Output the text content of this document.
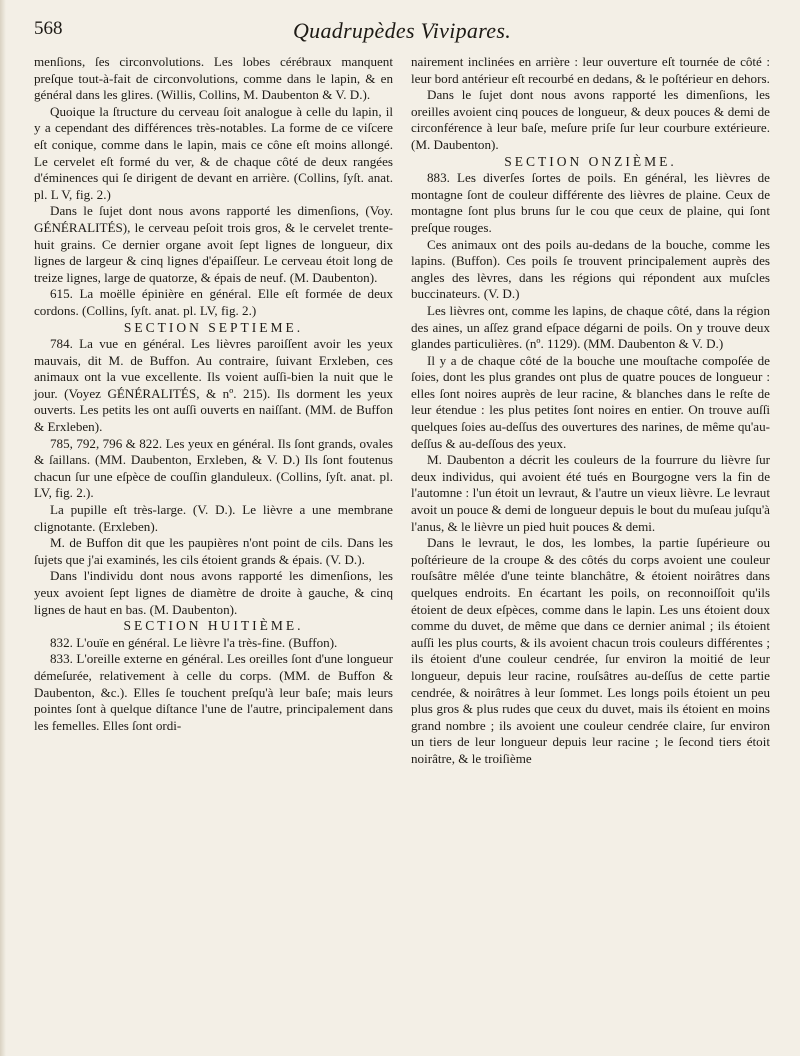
568	Quadrupèdes Vivipares.

menſions, ſes circonvolutions. Les lobes cérébraux manquent preſque tout-à-fait de circonvolutions, comme dans le lapin, & en général dans les glires. (Willis, Collins, M. Daubenton & V. D.).

Quoique la ſtructure du cerveau ſoit analogue à celle du lapin, il y a cependant des différences très-notables. La forme de ce viſcere eſt conique, comme dans le lapin, mais ce cône eſt moins allongé. Le cervelet eſt formé du ver, & de chaque côté de deux rangées d'éminences qui ſe dirigent de devant en arrière. (Collins, ſyſt. anat. pl. L V, fig. 2.)

Dans le ſujet dont nous avons rapporté les dimenſions, (Voy. GÉNÉRALITÉS), le cerveau peſoit trois gros, & le cervelet trente-huit grains. Ce dernier organe avoit ſept lignes de longueur, dix lignes de largeur & cinq lignes d'épaiſſeur. Le cerveau étoit long de treize lignes, large de quatorze, & épais de neuf. (M. Daubenton).

615. La moëlle épinière en général. Elle eſt formée de deux cordons. (Collins, ſyſt. anat. pl. LV, fig. 2.)

SECTION SEPTIEME.

784. La vue en général. Les lièvres paroiſſent avoir les yeux mauvais, dit M. de Buffon. Au contraire, ſuivant Erxleben, ces animaux ont la vue excellente. Ils voient auſſi-bien la nuit que le jour. (Voyez GÉNÉRALITÉS, & nº. 215). Ils dorment les yeux ouverts. Les petits les ont auſſi ouverts en naiſſant. (MM. de Buffon & Erxleben).

785, 792, 796 & 822. Les yeux en général. Ils ſont grands, ovales & ſaillans. (MM. Daubenton, Erxleben, & V. D.) Ils ſont foutenus chacun ſur une eſpèce de couſſin glanduleux. (Collins, ſyſt. anat. pl. LV, fig. 2.).

La pupille eſt très-large. (V. D.). Le lièvre a une membrane clignotante. (Erxleben).

M. de Buffon dit que les paupières n'ont point de cils. Dans les ſujets que j'ai examinés, les cils étoient grands & épais. (V. D.).

Dans l'individu dont nous avons rapporté les dimenſions, les yeux avoient ſept lignes de diamètre de droite à gauche, & cinq lignes de haut en bas. (M. Daubenton).

SECTION HUITIÈME.

832. L'ouïe en général. Le lièvre l'a très-fine. (Buffon).

833. L'oreille externe en général. Les oreilles ſont d'une longueur démeſurée, relativement à celle du corps. (MM. de Buffon & Daubenton, &c.). Elles ſe touchent preſqu'à leur baſe; mais leurs pointes ſont à quelque diſtance l'une de l'autre, principalement dans les femelles. Elles ſont ordi-

nairement inclinées en arrière : leur ouverture eſt tournée de côté : leur bord antérieur eſt recourbé en dedans, & le poſtérieur en dehors.

Dans le ſujet dont nous avons rapporté les dimenſions, les oreilles avoient cinq pouces de longueur, & deux pouces & demi de circonférence à leur baſe, meſure priſe ſur leur courbure extérieure. (M. Daubenton).

SECTION ONZIÈME.

883. Les diverſes ſortes de poils. En général, les lièvres de montagne ſont de couleur différente des lièvres de plaine. Ceux de montagne ſont plus bruns ſur le cou que ceux de plaine, qui ſont preſque rouges.

Ces animaux ont des poils au-dedans de la bouche, comme les lapins. (Buffon). Ces poils ſe trouvent principalement auprès des angles des lèvres, dans les régions qui répondent aux muſcles buccinateurs. (V. D.)

Les lièvres ont, comme les lapins, de chaque côté, dans la région des aines, un aſſez grand eſpace dégarni de poils. On y trouve deux glandes particulières. (nº. 1129). (MM. Daubenton & V. D.)

Il y a de chaque côté de la bouche une mouſtache compoſée de ſoies, dont les plus grandes ont plus de quatre pouces de longueur : elles ſont noires auprès de leur racine, & blanches dans le reſte de leur étendue : les plus petites ſont noires en entier. On trouve auſſi quelques ſoies au-deſſus des ouvertures des narines, de même qu'au-deſſus & au-deſſous des yeux.

M. Daubenton a décrit les couleurs de la fourrure du lièvre ſur deux individus, qui avoient été tués en Bourgogne vers la fin de l'automne : l'un étoit un levraut, & l'autre un vieux lièvre. Le levraut avoit un pouce & demi de longueur depuis le bout du muſeau juſqu'à l'anus, & le lièvre un pied huit pouces & demi.

Dans le levraut, le dos, les lombes, la partie ſupérieure ou poſtérieure de la croupe & des côtés du corps avoient une couleur rouſsâtre mêlée d'une teinte blanchâtre, & étoient noirâtres dans quelques endroits. En écartant les poils, on reconnoiſſoit qu'ils étoient de deux eſpèces, comme dans le lapin. Les uns étoient doux comme du duvet, de même que dans ce dernier animal ; ils étoient auſſi les plus courts, & ils avoient chacun trois couleurs différentes ; ils étoient d'une couleur cendrée, ſur environ la moitié de leur longueur, depuis leur racine, rouſsâtres au-deſſus de cette partie cendrée, & noirâtres à leur ſommet. Les longs poils étoient un peu plus gros & plus rudes que ceux du duvet, mais ils étoient en moins grand nombre ; ils avoient une couleur cendrée claire, ſur environ un tiers de leur longueur depuis leur racine ; le ſecond tiers étoit noirâtre, & le troiſième
